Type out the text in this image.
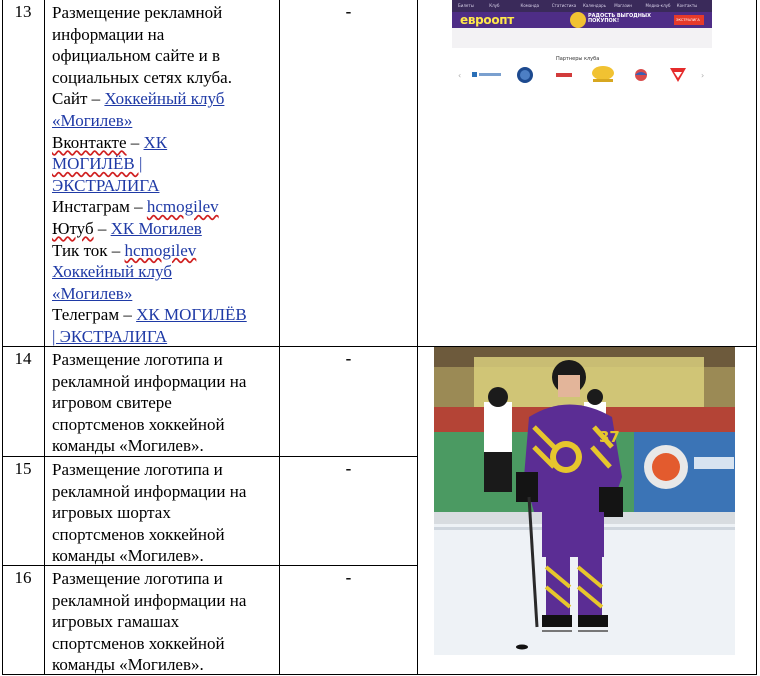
13	Размещение рекламной
информации на
официальном сайте и в
социальных сетях клуба.
Сайт – Хоккейный клуб
«Могилев»
Вконтакте – ХК
МОГИЛЁВ |
ЭКСТРАЛИГА
Инстаграм – hcmogilev
Ютуб – ХК Могилев
Тик ток – hcmogilev
Хоккейный клуб
«Могилев»
Телеграм – ХК МОГИЛЁВ
| ЭКСТРАЛИГА
-
14	Размещение логотипа и
рекламной информации на
игровом свитере
спортсменов хоккейной
команды «Могилев».
-
15	Размещение логотипа и
рекламной информации на
игровых шортах
спортсменов хоккейной
команды «Могилев».
-
16	Размещение логотипа и
рекламной информации на
игровых гамашах
спортсменов хоккейной
команды «Могилев».
-
Билеты	Клуб	Команда	Статистика Календарь Магазин	Медиа-клуб Контакты
евроопт	РАДОСТЬ ВЫГОДНЫХ
ПОКУПОК!	ЭКСТРАЛИГА
Партнеры клуба
‹	›
37
